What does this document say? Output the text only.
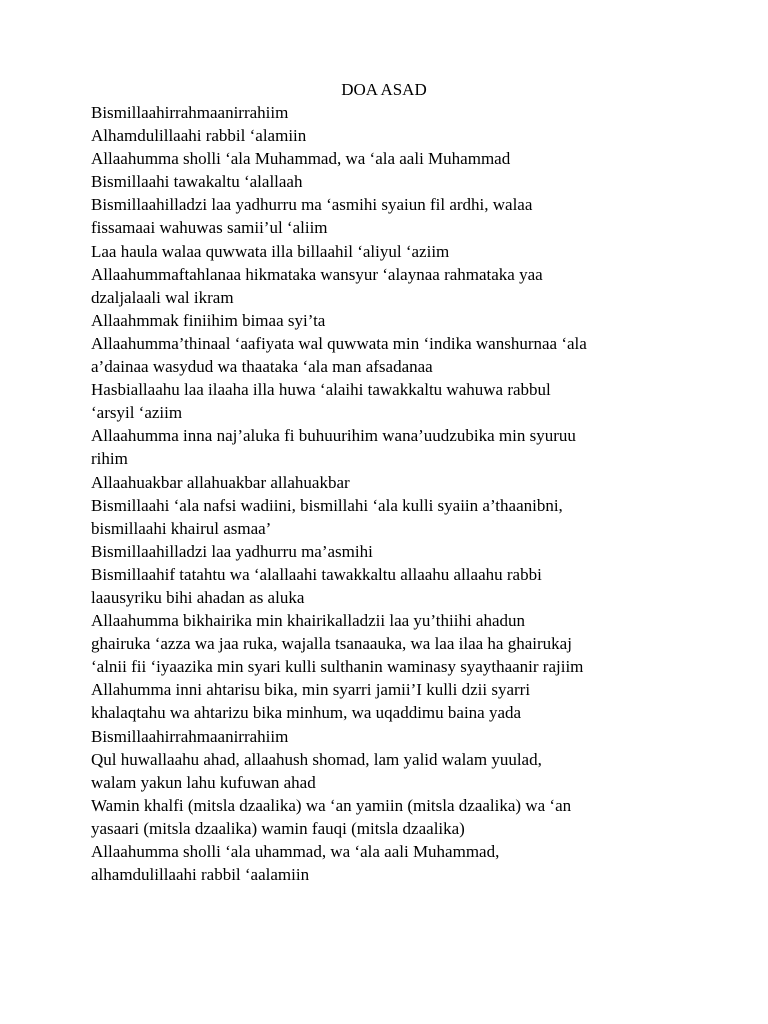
DOA ASAD
Bismillaahirrahmaanirrahiim
Alhamdulillaahi rabbil ‘alamiin
Allaahumma sholli ‘ala Muhammad, wa ‘ala aali Muhammad
Bismillaahi tawakaltu ‘alallaah
Bismillaahilladzi laa yadhurru ma ‘asmihi syaiun fil ardhi, walaa
fissamaai wahuwas samii’ul ‘aliim
Laa haula walaa quwwata illa billaahil ‘aliyul ‘aziim
Allaahummaftahlanaa hikmataka wansyur ‘alaynaa rahmataka yaa
dzaljalaali wal ikram
Allaahmmak finiihim bimaa syi’ta
Allaahumma’thinaal ‘aafiyata wal quwwata min ‘indika wanshurnaa ‘ala
a’dainaa wasydud wa thaataka ‘ala man afsadanaa
Hasbiallaahu laa ilaaha illa huwa ‘alaihi tawakkaltu wahuwa rabbul
‘arsyil ‘aziim
Allaahumma inna naj’aluka fi buhuurihim wana’uudzubika min syuruu
rihim
Allaahuakbar allahuakbar allahuakbar
Bismillaahi ‘ala nafsi wadiini, bismillahi ‘ala kulli syaiin a’thaanibni,
bismillaahi khairul asmaa’
Bismillaahilladzi laa yadhurru ma’asmihi
Bismillaahif tatahtu wa ‘alallaahi tawakkaltu allaahu allaahu rabbi
laausyriku bihi ahadan as aluka
Allaahumma bikhairika min khairikalladzii laa yu’thiihi ahadun
ghairuka ‘azza wa jaa ruka, wajalla tsanaauka, wa laa ilaa ha ghairukaj
‘alnii fii ‘iyaazika min syari kulli sulthanin waminasy syaythaanir rajiim
Allahumma inni ahtarisu bika, min syarri jamii’I kulli dzii syarri
khalaqtahu wa ahtarizu bika minhum, wa uqaddimu baina yada
Bismillaahirrahmaanirrahiim
Qul huwallaahu ahad, allaahush shomad, lam yalid walam yuulad,
walam yakun lahu kufuwan ahad
Wamin khalfi (mitsla dzaalika) wa ‘an yamiin (mitsla dzaalika) wa ‘an
yasaari (mitsla dzaalika) wamin fauqi (mitsla dzaalika)
Allaahumma sholli ‘ala uhammad, wa ‘ala aali Muhammad,
alhamdulillaahi rabbil ‘aalamiin
